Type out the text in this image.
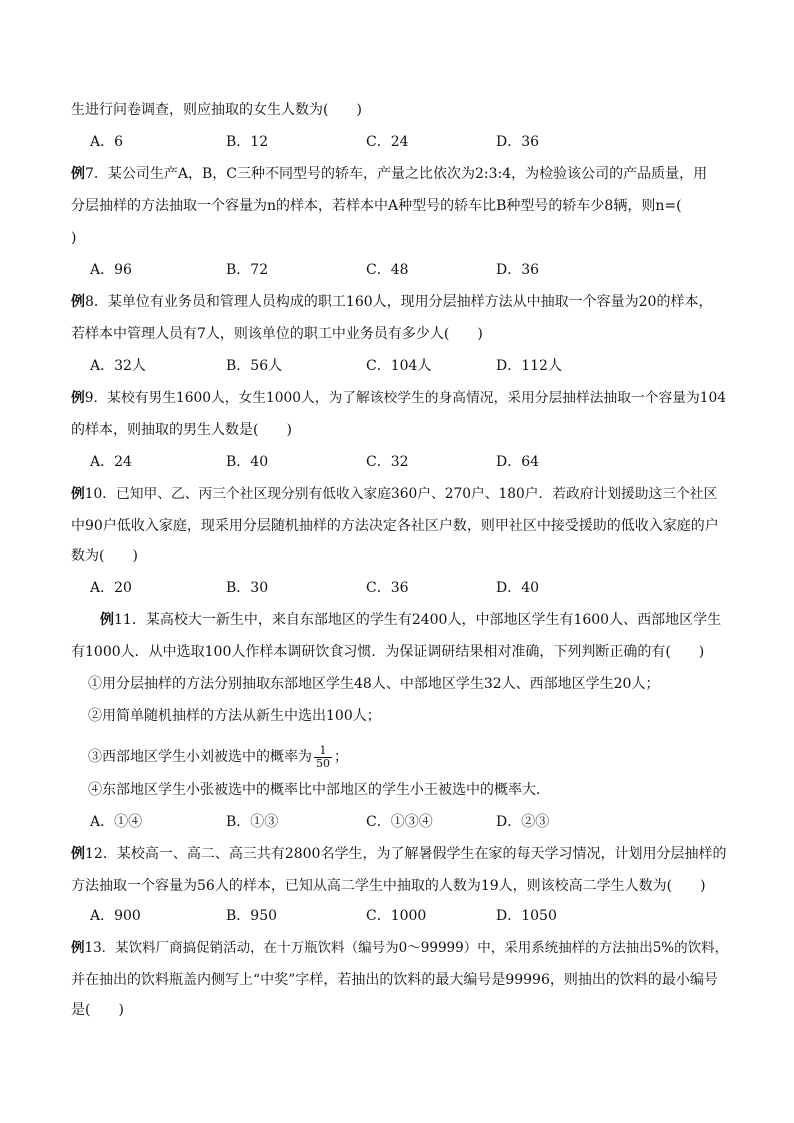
生进行问卷调查，则应抽取的女生人数为(　　)
A．6	B．12	C．24	D．36
例7．某公司生产A，B，C三种不同型号的轿车，产量之比依次为2:3:4，为检验该公司的产品质量，用
分层抽样的方法抽取一个容量为n的样本，若样本中A种型号的轿车比B种型号的轿车少8辆，则n=(
)
A．96	B．72	C．48	D．36
例8．某单位有业务员和管理人员构成的职工160人，现用分层抽样方法从中抽取一个容量为20的样本，
若样本中管理人员有7人，则该单位的职工中业务员有多少人(　　)
A．32人	B．56人	C．104人	D．112人
例9．某校有男生1600人，女生1000人，为了解该校学生的身高情况，采用分层抽样法抽取一个容量为104
的样本，则抽取的男生人数是(　　)
A．24	B．40	C．32	D．64
例10．已知甲、乙、丙三个社区现分别有低收入家庭360户、270户、180户．若政府计划援助这三个社区
中90户低收入家庭，现采用分层随机抽样的方法决定各社区户数，则甲社区中接受援助的低收入家庭的户
数为(　　)
A．20	B．30	C．36	D．40
例11．某高校大一新生中，来自东部地区的学生有2400人，中部地区学生有1600人、西部地区学生
有1000人．从中选取100人作样本调研饮食习惯．为保证调研结果相对准确，下列判断正确的有(　　)
①用分层抽样的方法分别抽取东部地区学生48人、中部地区学生32人、西部地区学生20人；
②用简单随机抽样的方法从新生中选出100人；
③西部地区学生小刘被选中的概率为 $\frac{1}{50}$ ；
④东部地区学生小张被选中的概率比中部地区的学生小王被选中的概率大．
A．①④	B．①③	C．①③④	D．②③
例12．某校高一、高二、高三共有2800名学生，为了解暑假学生在家的每天学习情况，计划用分层抽样的
方法抽取一个容量为56人的样本，已知从高二学生中抽取的人数为19人，则该校高二学生人数为(　　)
A．900	B．950	C．1000	D．1050
例13．某饮料厂商搞促销活动，在十万瓶饮料（编号为0～99999）中，采用系统抽样的方法抽出5%的饮料，
并在抽出的饮料瓶盖内侧写上“中奖”字样，若抽出的饮料的最大编号是99996，则抽出的饮料的最小编号
是(　　)
